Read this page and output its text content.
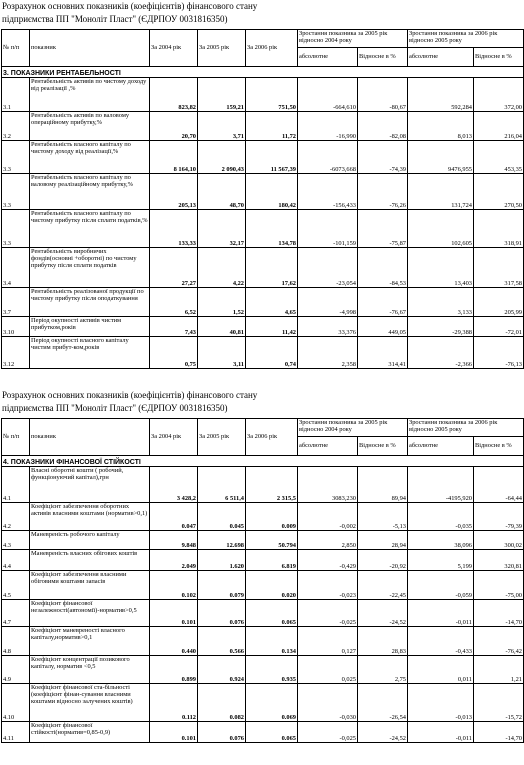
Розрахунок основних показників (коефіцієнтів) фінансового стану
підприємства ПП "Моноліт Пласт" (ЄДРПОУ 0031816350)
№ п/п	показник	За 2004 рік	За 2005 рік	За 2006 рік	Зростання показника за 2005 рік відносно 2004 року		Зростання показника за 2006 рік відносно 2005 року	
					абсолютне	Відносне в %	абсолютне	Відносне в %
3. ПОКАЗНИКИ РЕНТАБЕЛЬНОСТІ								
3.1	Рентабельність активів по чистому доходу від реалізації ,%	823,82	159,21	751,50	-664,610	-80,67	592,284	372,00
3.2	Рентабельність активів по валовому операційному прибутку,%	20,70	3,71	11,72	-16,990	-82,08	8,013	216,04
3.3	Рентабельність власного капіталу по чистому доходу від реалізації,%	8 164,10	2 090,43	11 567,39	-6073,668	-74,39	9476,955	453,35
3.3	Рентабельність власного капіталу по валовому реалізаційному прибутку,%	205,13	48,70	180,42	-156,433	-76,26	131,724	270,50
3.3	Рентабельність власного капіталу по чистому прибутку після сплати податків,%	133,33	32,17	134,78	-101,159	-75,87	102,605	318,91
3.4	Рентабельність виробничих фондів(основні +оборотні) по чистому прибутку після сплати податків	27,27	4,22	17,62	-23,054	-84,53	13,403	317,58
3.7	Рентабельність реалізованої продукції по чистому прибутку після оподаткування	6,52	1,52	4,65	-4,998	-76,67	3,133	205,99
3.10	Період окупності активів чистим прибутком,років	7,43	40,81	11,42	33,376	449,05	-29,388	-72,01
3.12	Період окупності власного капіталу чистим прибут-ком,років	0,75	3,11	0,74	2,358	314,41	-2,366	-76,13
Розрахунок основних показників (коефіцієнтів) фінансового стану
підприємства ПП "Моноліт Пласт" (ЄДРПОУ 0031816350)
№ п/п	показник	За 2004 рік	За 2005 рік	За 2006 рік	Зростання показника за 2005 рік відносно 2004 року		Зростання показника за 2006 рік відносно 2005 року	
					абсолютне	Відносне в %	абсолютне	Відносне в %
4. ПОКАЗНИКИ ФІНАНСОВОЇ СТІЙКОСТІ								
4.1	Власні оборотні кошти ( робочий, функціонуючий капітал),грн	3 428,2	6 511,4	2 315,5	3083,230	89,94	-4195,920	-64,44
4.2	Коефіцієнт забезпечення оборотних активів власними коштами (норматив>0,1)	0.047	0.045	0.009	-0,002	-5,13	-0,035	-79,39
4.3	Маневреність робочого капіталу	9.848	12.698	50.794	2,850	28,94	38,096	300,02
4.4	Маневреність власних обігових коштів	2.049	1.620	6.819	-0,429	-20,92	5,199	320,81
4.5	Коефіцієнт забезпечення власними обіговими коштами запасів	0.102	0.079	0.020	-0,023	-22,45	-0,059	-75,00
4.7	Коефіцієнт фінансової незалежності(автономії)-норматив>0,5	0.101	0.076	0.065	-0,025	-24,52	-0,011	-14,70
4.8	Коефіцієнт маневреності власного капіталу,норматив>0,1	0.440	0.566	0.134	0,127	28,83	-0,433	-76,42
4.9	Коефіцієнт концентрації позикового капіталу, норматив <0,5	0.899	0.924	0.935	0,025	2,75	0,011	1,21
4.10	Коефіцієнт фінансової ста-більності (коефіцієнт фінан-сування власними коштами відносно залучених коштів)	0.112	0.082	0.069	-0,030	-26,54	-0,013	-15,72
4.11	Коефіцієнт фінансової стійкості(норматив=0,85-0,9)	0.101	0.076	0.065	-0,025	-24,52	-0,011	-14,70
